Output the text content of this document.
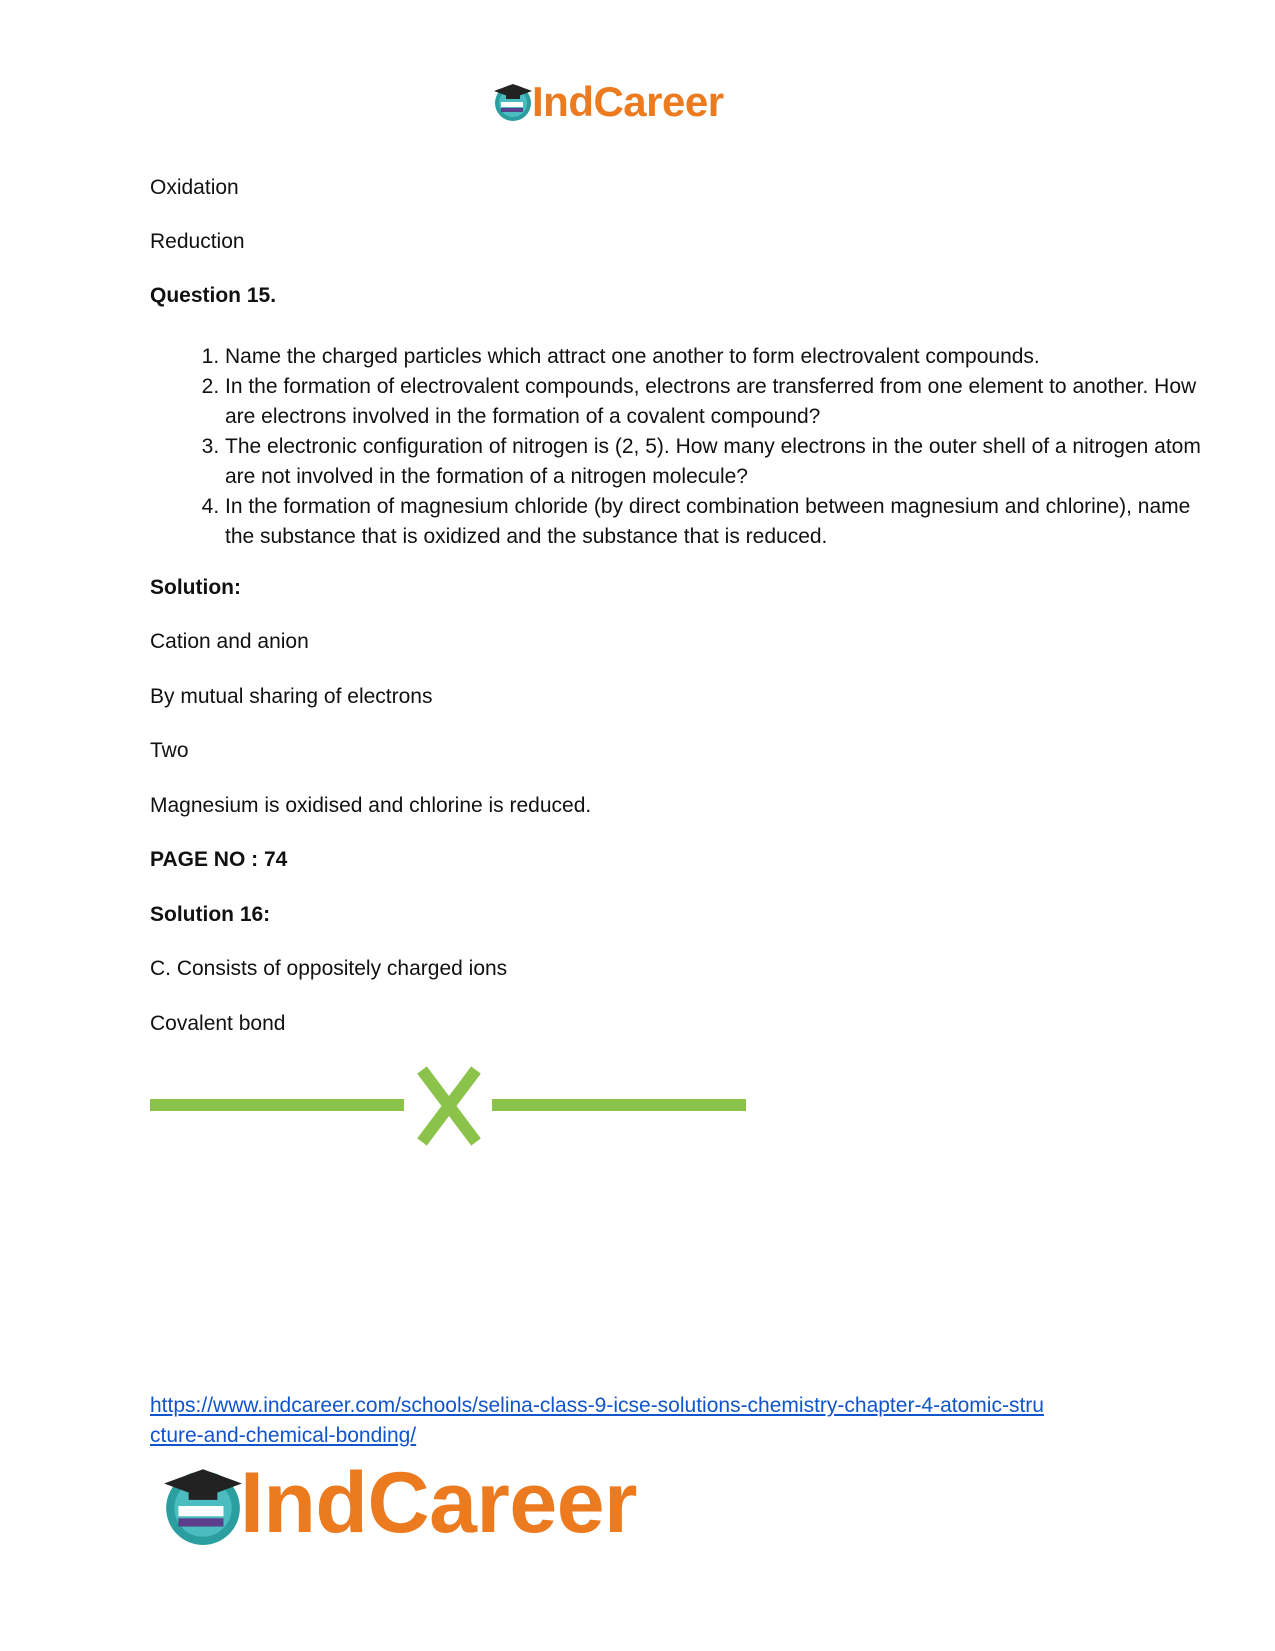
IndCareer
Oxidation
Reduction
Question 15.
1. Name the charged particles which attract one another to form electrovalent compounds.
2. In the formation of electrovalent compounds, electrons are transferred from one element to another. How are electrons involved in the formation of a covalent compound?
3. The electronic configuration of nitrogen is (2, 5). How many electrons in the outer shell of a nitrogen atom are not involved in the formation of a nitrogen molecule?
4. In the formation of magnesium chloride (by direct combination between magnesium and chlorine), name the substance that is oxidized and the substance that is reduced.
Solution:
Cation and anion
By mutual sharing of electrons
Two
Magnesium is oxidised and chlorine is reduced.
PAGE NO : 74
Solution 16:
C. Consists of oppositely charged ions
Covalent bond
https://www.indcareer.com/schools/selina-class-9-icse-solutions-chemistry-chapter-4-atomic-stru
cture-and-chemical-bonding/
IndCareer
